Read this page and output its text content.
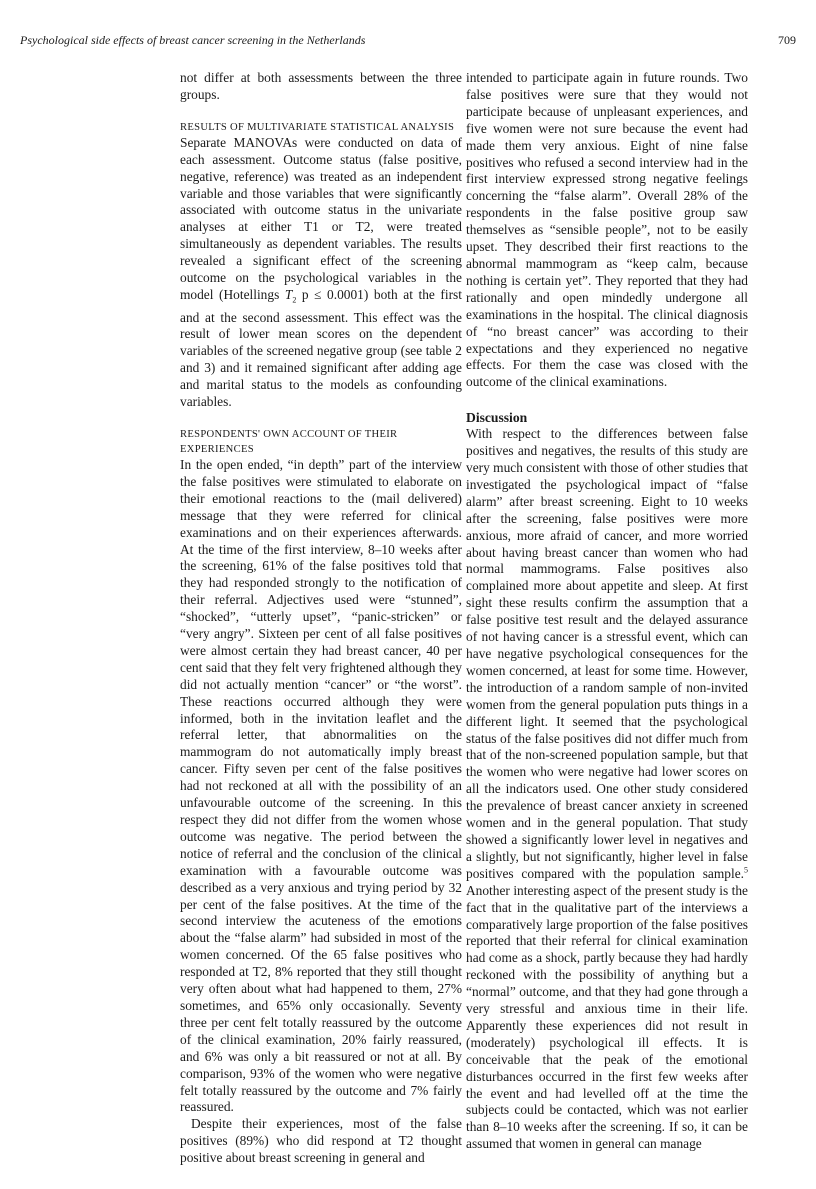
Psychological side effects of breast cancer screening in the Netherlands	709

not differ at both assessments between the three groups.

RESULTS OF MULTIVARIATE STATISTICAL ANALYSIS

Separate MANOVAs were conducted on data of each assessment. Outcome status (false positive, negative, reference) was treated as an independent variable and those variables that were significantly associated with outcome status in the univariate analyses at either T1 or T2, were treated simultaneously as dependent variables. The results revealed a significant effect of the screening outcome on the psychological variables in the model (Hotellings $T_2$ p ≤ 0.0001) both at the first and at the second assessment. This effect was the result of lower mean scores on the dependent variables of the screened negative group (see table 2 and 3) and it remained significant after adding age and marital status to the models as confounding variables.

RESPONDENTS' OWN ACCOUNT OF THEIR EXPERIENCES

In the open ended, “in depth” part of the interview the false positives were stimulated to elaborate on their emotional reactions to the (mail delivered) message that they were referred for clinical examinations and on their experiences afterwards. At the time of the first interview, 8–10 weeks after the screening, 61% of the false positives told that they had responded strongly to the notification of their referral. Adjectives used were “stunned”, “shocked”, “utterly upset”, “panic-stricken” or “very angry”. Sixteen per cent of all false positives were almost certain they had breast cancer, 40 per cent said that they felt very frightened although they did not actually mention “cancer” or “the worst”. These reactions occurred although they were informed, both in the invitation leaflet and the referral letter, that abnormalities on the mammogram do not automatically imply breast cancer. Fifty seven per cent of the false positives had not reckoned at all with the possibility of an unfavourable outcome of the screening. In this respect they did not differ from the women whose outcome was negative. The period between the notice of referral and the conclusion of the clinical examination with a favourable outcome was described as a very anxious and trying period by 32 per cent of the false positives. At the time of the second interview the acuteness of the emotions about the “false alarm” had subsided in most of the women concerned. Of the 65 false positives who responded at T2, 8% reported that they still thought very often about what had happened to them, 27% sometimes, and 65% only occasionally. Seventy three per cent felt totally reassured by the outcome of the clinical examination, 20% fairly reassured, and 6% was only a bit reassured or not at all. By comparison, 93% of the women who were negative felt totally reassured by the outcome and 7% fairly reassured.

Despite their experiences, most of the false positives (89%) who did respond at T2 thought positive about breast screening in general and

intended to participate again in future rounds. Two false positives were sure that they would not participate because of unpleasant experiences, and five women were not sure because the event had made them very anxious. Eight of nine false positives who refused a second interview had in the first interview expressed strong negative feelings concerning the “false alarm”. Overall 28% of the respondents in the false positive group saw themselves as “sensible people”, not to be easily upset. They described their first reactions to the abnormal mammogram as “keep calm, because nothing is certain yet”. They reported that they had rationally and open mindedly undergone all examinations in the hospital. The clinical diagnosis of “no breast cancer” was according to their expectations and they experienced no negative effects. For them the case was closed with the outcome of the clinical examinations.

Discussion

With respect to the differences between false positives and negatives, the results of this study are very much consistent with those of other studies that investigated the psychological impact of “false alarm” after breast screening. Eight to 10 weeks after the screening, false positives were more anxious, more afraid of cancer, and more worried about having breast cancer than women who had normal mammograms. False positives also complained more about appetite and sleep. At first sight these results confirm the assumption that a false positive test result and the delayed assurance of not having cancer is a stressful event, which can have negative psychological consequences for the women concerned, at least for some time. However, the introduction of a random sample of non-invited women from the general population puts things in a different light. It seemed that the psychological status of the false positives did not differ much from that of the non-screened population sample, but that the women who were negative had lower scores on all the indicators used. One other study considered the prevalence of breast cancer anxiety in screened women and in the general population. That study showed a significantly lower level in negatives and a slightly, but not significantly, higher level in false positives compared with the population sample.$^5$ Another interesting aspect of the present study is the fact that in the qualitative part of the interviews a comparatively large proportion of the false positives reported that their referral for clinical examination had come as a shock, partly because they had hardly reckoned with the possibility of anything but a “normal” outcome, and that they had gone through a very stressful and anxious time in their life. Apparently these experiences did not result in (moderately) psychological ill effects. It is conceivable that the peak of the emotional disturbances occurred in the first few weeks after the event and had levelled off at the time the subjects could be contacted, which was not earlier than 8–10 weeks after the screening. If so, it can be assumed that women in general can manage
